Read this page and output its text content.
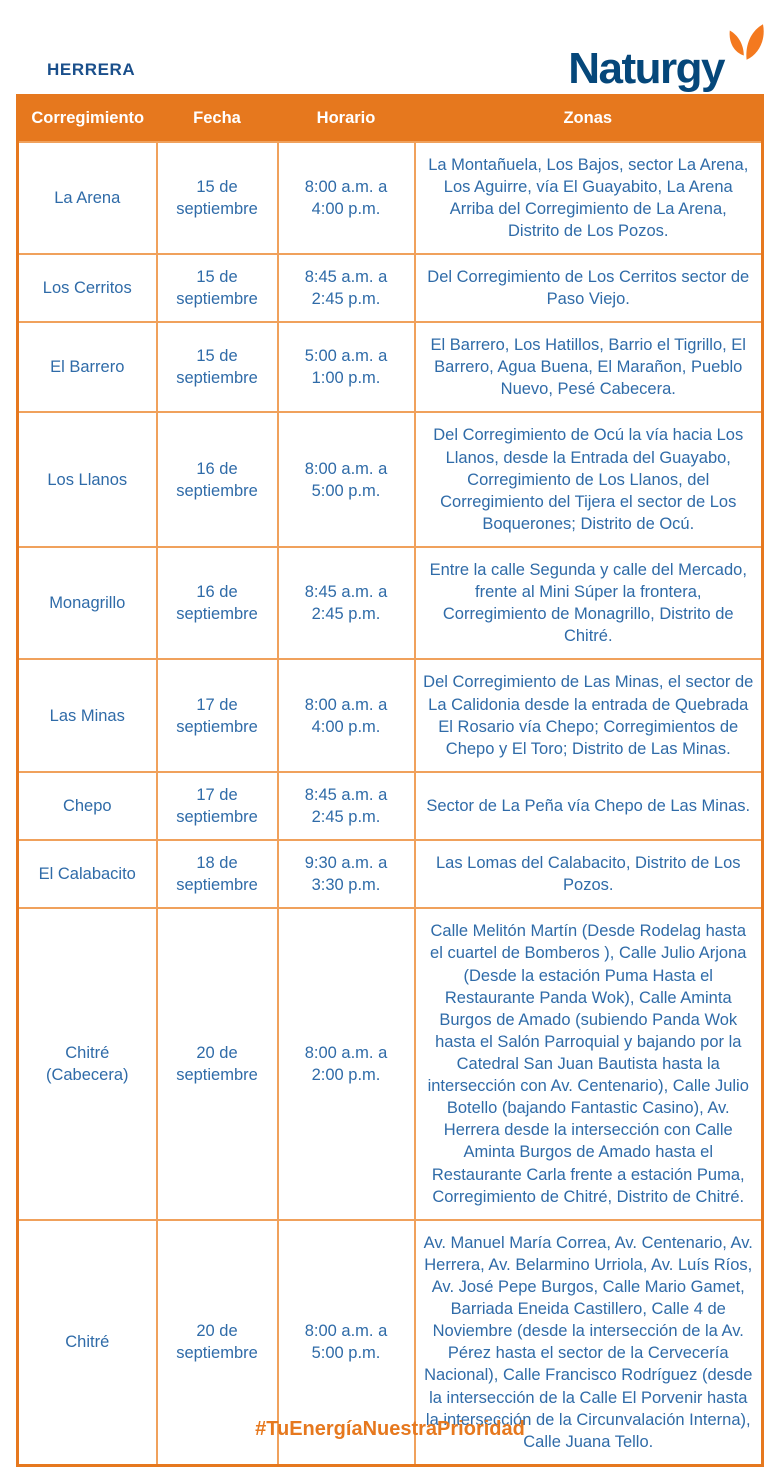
HERRERA	Naturgy
Corregimiento	Fecha	Horario	Zonas
La Arena	15 de septiembre	8:00 a.m. a 4:00 p.m.	La Montañuela, Los Bajos, sector La Arena, Los Aguirre, vía El Guayabito, La Arena Arriba del Corregimiento de La Arena, Distrito de Los Pozos.
Los Cerritos	15 de septiembre	8:45 a.m. a 2:45 p.m.	Del Corregimiento de Los Cerritos sector de Paso Viejo.
El Barrero	15 de septiembre	5:00 a.m. a 1:00 p.m.	El Barrero, Los Hatillos, Barrio el Tigrillo, El Barrero, Agua Buena, El Marañon, Pueblo Nuevo, Pesé Cabecera.
Los Llanos	16 de septiembre	8:00 a.m. a 5:00 p.m.	Del Corregimiento de Ocú la vía hacia Los Llanos, desde la Entrada del Guayabo, Corregimiento de Los Llanos, del Corregimiento del Tijera el sector de Los Boquerones; Distrito de Ocú.
Monagrillo	16 de septiembre	8:45 a.m. a 2:45 p.m.	Entre la calle Segunda y calle del Mercado, frente al Mini Súper la frontera, Corregimiento de Monagrillo, Distrito de Chitré.
Las Minas	17 de septiembre	8:00 a.m. a 4:00 p.m.	Del Corregimiento de Las Minas, el sector de La Calidonia desde la entrada de Quebrada El Rosario vía Chepo; Corregimientos de Chepo y El Toro; Distrito de Las Minas.
Chepo	17 de septiembre	8:45 a.m. a 2:45 p.m.	Sector de La Peña vía Chepo de Las Minas.
El Calabacito	18 de septiembre	9:30 a.m. a 3:30 p.m.	Las Lomas del Calabacito, Distrito de Los Pozos.
Chitré (Cabecera)	20 de septiembre	8:00 a.m. a 2:00 p.m.	Calle Melitón Martín (Desde Rodelag hasta el cuartel de Bomberos ), Calle Julio Arjona (Desde la estación Puma Hasta el Restaurante Panda Wok), Calle Aminta Burgos de Amado (subiendo Panda Wok hasta el Salón Parroquial y bajando por la Catedral San Juan Bautista hasta la intersección con Av. Centenario), Calle Julio Botello (bajando Fantastic Casino), Av. Herrera desde la intersección con Calle Aminta Burgos de Amado hasta el Restaurante Carla frente a estación Puma, Corregimiento de Chitré, Distrito de Chitré.
Chitré	20 de septiembre	8:00 a.m. a 5:00 p.m.	Av. Manuel María Correa, Av. Centenario, Av. Herrera, Av. Belarmino Urriola, Av. Luís Ríos, Av. José Pepe Burgos, Calle Mario Gamet, Barriada Eneida Castillero, Calle 4 de Noviembre (desde la intersección de la Av. Pérez hasta el sector de la Cervecería Nacional), Calle Francisco Rodríguez (desde la intersección de la Calle El Porvenir hasta la intersección de la Circunvalación Interna), Calle Juana Tello.
#TuEnergíaNuestraPrioridad
